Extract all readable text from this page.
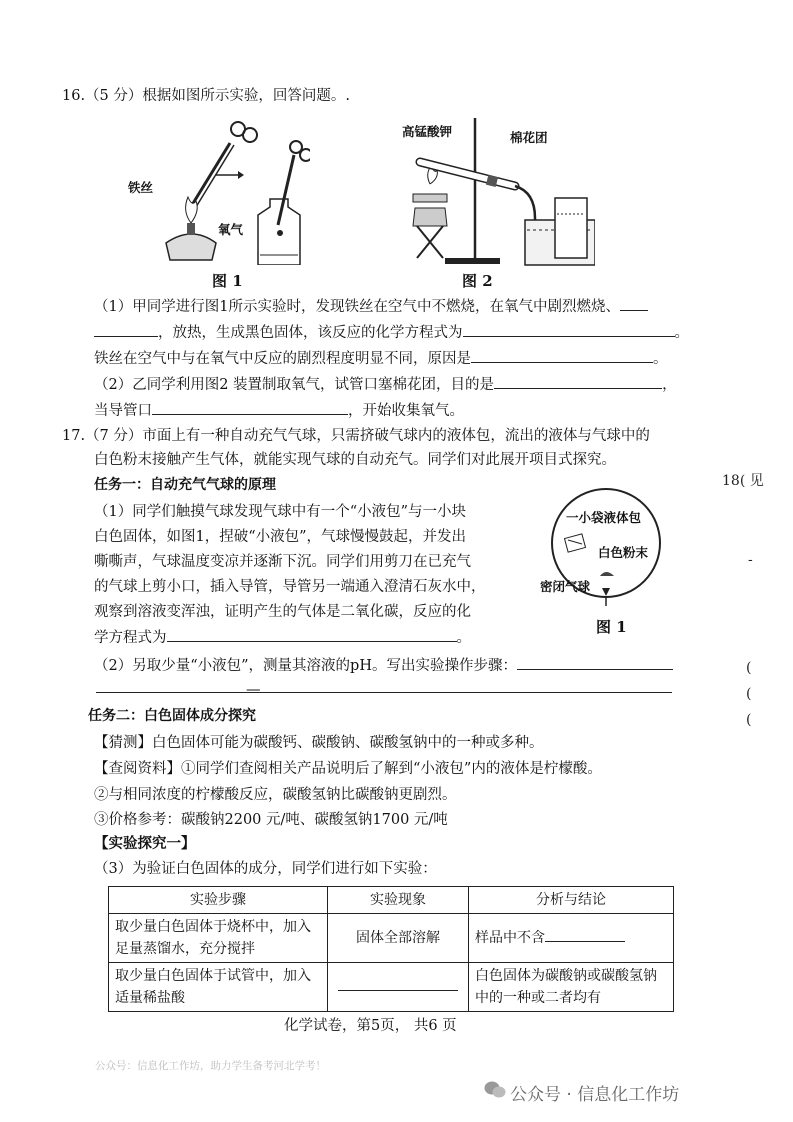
16.（5 分）根据如图所示实验，回答问题。.
铁丝
氧气
图 1
高锰酸钾	棉花团
图 2
（1）甲同学进行图1所示实验时，发现铁丝在空气中不燃烧，在氧气中剧烈燃烧、
，放热，生成黑色固体，该反应的化学方程式为	。
铁丝在空气中与在氧气中反应的剧烈程度明显不同，原因是	。
（2）乙同学利用图2 装置制取氧气，试管口塞棉花团，目的是	，
当导管口	，开始收集氧气。
17.（7 分）市面上有一种自动充气气球，只需挤破气球内的液体包，流出的液体与气球中的
白色粉末接触产生气体，就能实现气球的自动充气。同学们对此展开项目式探究。
任务一：自动充气气球的原理
（1）同学们触摸气球发现气球中有一个“小液包”与一小块
白色固体，如图1，捏破“小液包”，气球慢慢鼓起，并发出
嘶嘶声，气球温度变凉并逐渐下沉。同学们用剪刀在已充气
的气球上剪小口，插入导管，导管另一端通入澄清石灰水中，
观察到溶液变浑浊，证明产生的气体是二氧化碳，反应的化
学方程式为	。
一小袋液体包
白色粉末
密闭气球
图 1
（2）另取少量“小液包”，测量其溶液的pH。写出实验操作步骤：
—
任务二：白色固体成分探究
【猜测】白色固体可能为碳酸钙、碳酸钠、碳酸氢钠中的一种或多种。
【查阅资料】①同学们查阅相关产品说明后了解到“小液包”内的液体是柠檬酸。
②与相同浓度的柠檬酸反应，碳酸氢钠比碳酸钠更剧烈。
③价格参考：碳酸钠2200 元/吨、碳酸氢钠1700 元/吨
【实验探究一】
（3）为验证白色固体的成分，同学们进行如下实验：
实验步骤	实验现象	分析与结论
取少量白色固体于烧杯中，加入足量蒸馏水，充分搅拌	固体全部溶解	样品中不含
取少量白色固体于试管中，加入适量稀盐酸		白色固体为碳酸钠或碳酸氢钠中的一种或二者均有
18( 见
-
(
(
(
化学试卷，第5页， 共6 页
公众号：信息化工作坊，助力学生备考河北学考！
公众号 · 信息化工作坊
